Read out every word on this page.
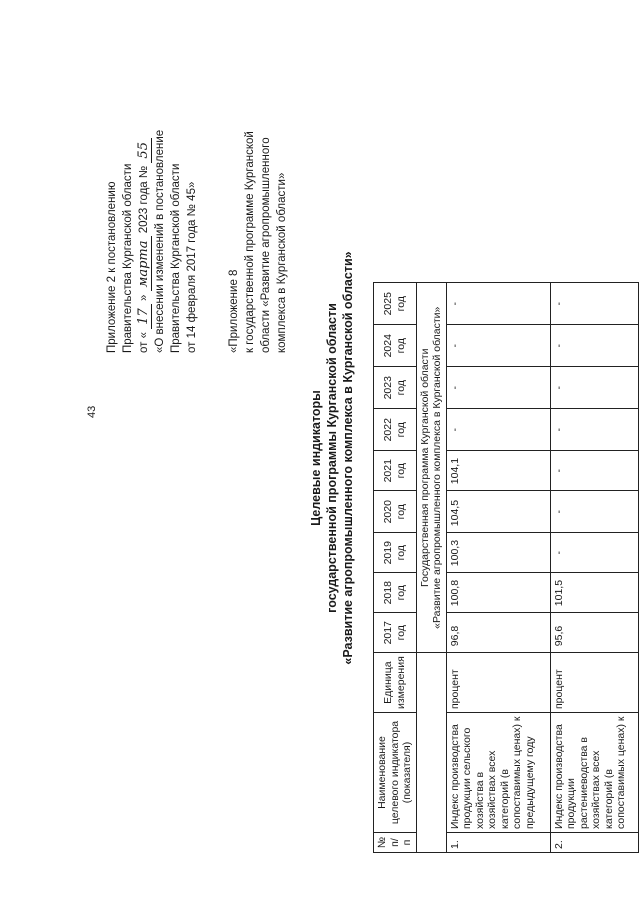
43
Приложение 2 к постановлению Правительства Курганской области от « 17 » марта 2023 года № 55 «О внесении изменений в постановление Правительства Курганской области от 14 февраля 2017 года № 45»	«Приложение 8 к государственной программе Курганской области «Развитие агропромышленного комплекса в Курганской области»
Целевые индикаторы государственной программы Курганской области «Развитие агропромышленного комплекса в Курганской области»
№ п/п	Наименование целевого индикатора (показателя)	Единица измерения	2017 год	2018 год	2019 год	2020 год	2021 год	2022 год	2023 год	2024 год	2025 год

			Государственная программа Курганской области «Развитие агропромышленного комплекса в Курганской области»								

1.	Индекс производства продукции сельского хозяйства в хозяйствах всех категорий (в сопоставимых ценах) к предыдущему году	процент	96,8	100,8	100,3	104,5	104,1	-	-	-	-
2.	Индекс производства продукции растениеводства в хозяйствах всех категорий (в сопоставимых ценах) к	процент	95,6	101,5	-	-	-	-	-	-	-
